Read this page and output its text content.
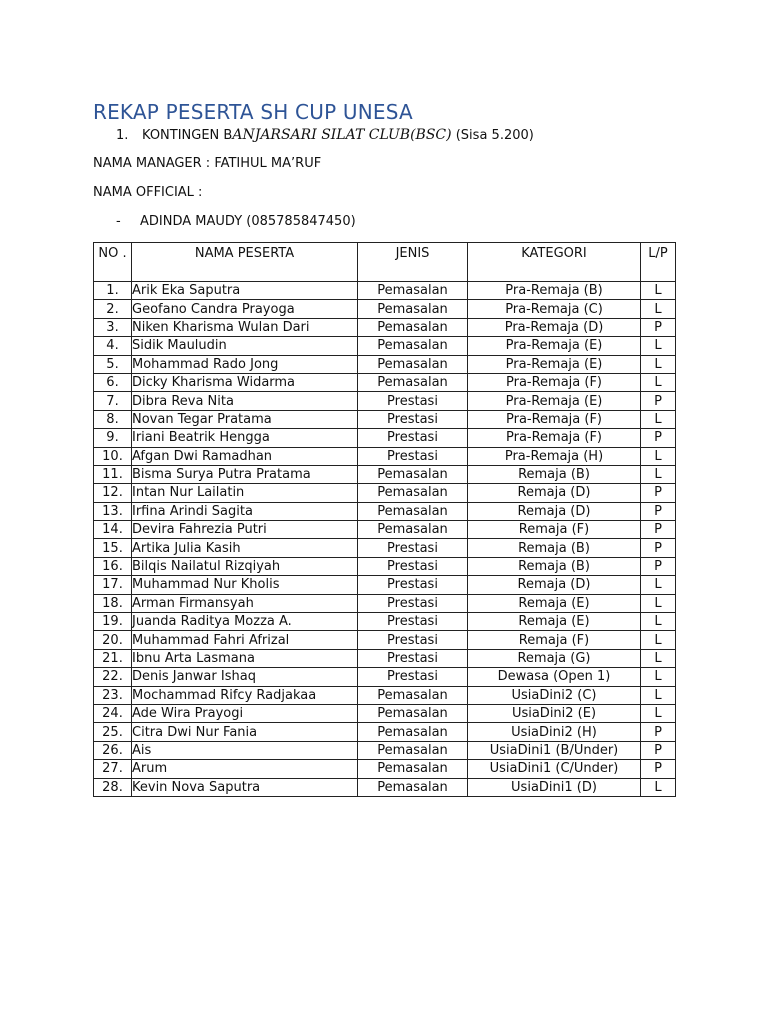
REKAP PESERTA SH CUP UNESA
1. KONTINGEN BANJARSARI SILAT CLUB(BSC) (Sisa 5.200)
NAMA MANAGER : FATIHUL MA’RUF
NAMA OFFICIAL :
- ADINDA MAUDY (085785847450)
NO .	NAMA PESERTA	JENIS	KATEGORI	L/P
1.	Arik Eka Saputra	Pemasalan	Pra-Remaja (B)	L
2.	Geofano Candra Prayoga	Pemasalan	Pra-Remaja (C)	L
3.	Niken Kharisma Wulan Dari	Pemasalan	Pra-Remaja (D)	P
4.	Sidik Mauludin	Pemasalan	Pra-Remaja (E)	L
5.	Mohammad Rado Jong	Pemasalan	Pra-Remaja (E)	L
6.	Dicky Kharisma Widarma	Pemasalan	Pra-Remaja (F)	L
7.	Dibra Reva Nita	Prestasi	Pra-Remaja (E)	P
8.	Novan Tegar Pratama	Prestasi	Pra-Remaja (F)	L
9.	Iriani Beatrik Hengga	Prestasi	Pra-Remaja (F)	P
10.	Afgan Dwi Ramadhan	Prestasi	Pra-Remaja (H)	L
11.	Bisma Surya Putra Pratama	Pemasalan	Remaja (B)	L
12.	Intan Nur Lailatin	Pemasalan	Remaja (D)	P
13.	Irfina Arindi Sagita	Pemasalan	Remaja (D)	P
14.	Devira Fahrezia Putri	Pemasalan	Remaja (F)	P
15.	Artika Julia Kasih	Prestasi	Remaja (B)	P
16.	Bilqis Nailatul Rizqiyah	Prestasi	Remaja (B)	P
17.	Muhammad Nur Kholis	Prestasi	Remaja (D)	L
18.	Arman Firmansyah	Prestasi	Remaja (E)	L
19.	Juanda Raditya Mozza A.	Prestasi	Remaja (E)	L
20.	Muhammad Fahri Afrizal	Prestasi	Remaja (F)	L
21.	Ibnu Arta Lasmana	Prestasi	Remaja (G)	L
22.	Denis Janwar Ishaq	Prestasi	Dewasa (Open 1)	L
23.	Mochammad Rifcy Radjakaa	Pemasalan	UsiaDini2 (C)	L
24.	Ade Wira Prayogi	Pemasalan	UsiaDini2 (E)	L
25.	Citra Dwi Nur Fania	Pemasalan	UsiaDini2 (H)	P
26.	Ais	Pemasalan	UsiaDini1 (B/Under)	P
27.	Arum	Pemasalan	UsiaDini1 (C/Under)	P
28.	Kevin Nova Saputra	Pemasalan	UsiaDini1 (D)	L
